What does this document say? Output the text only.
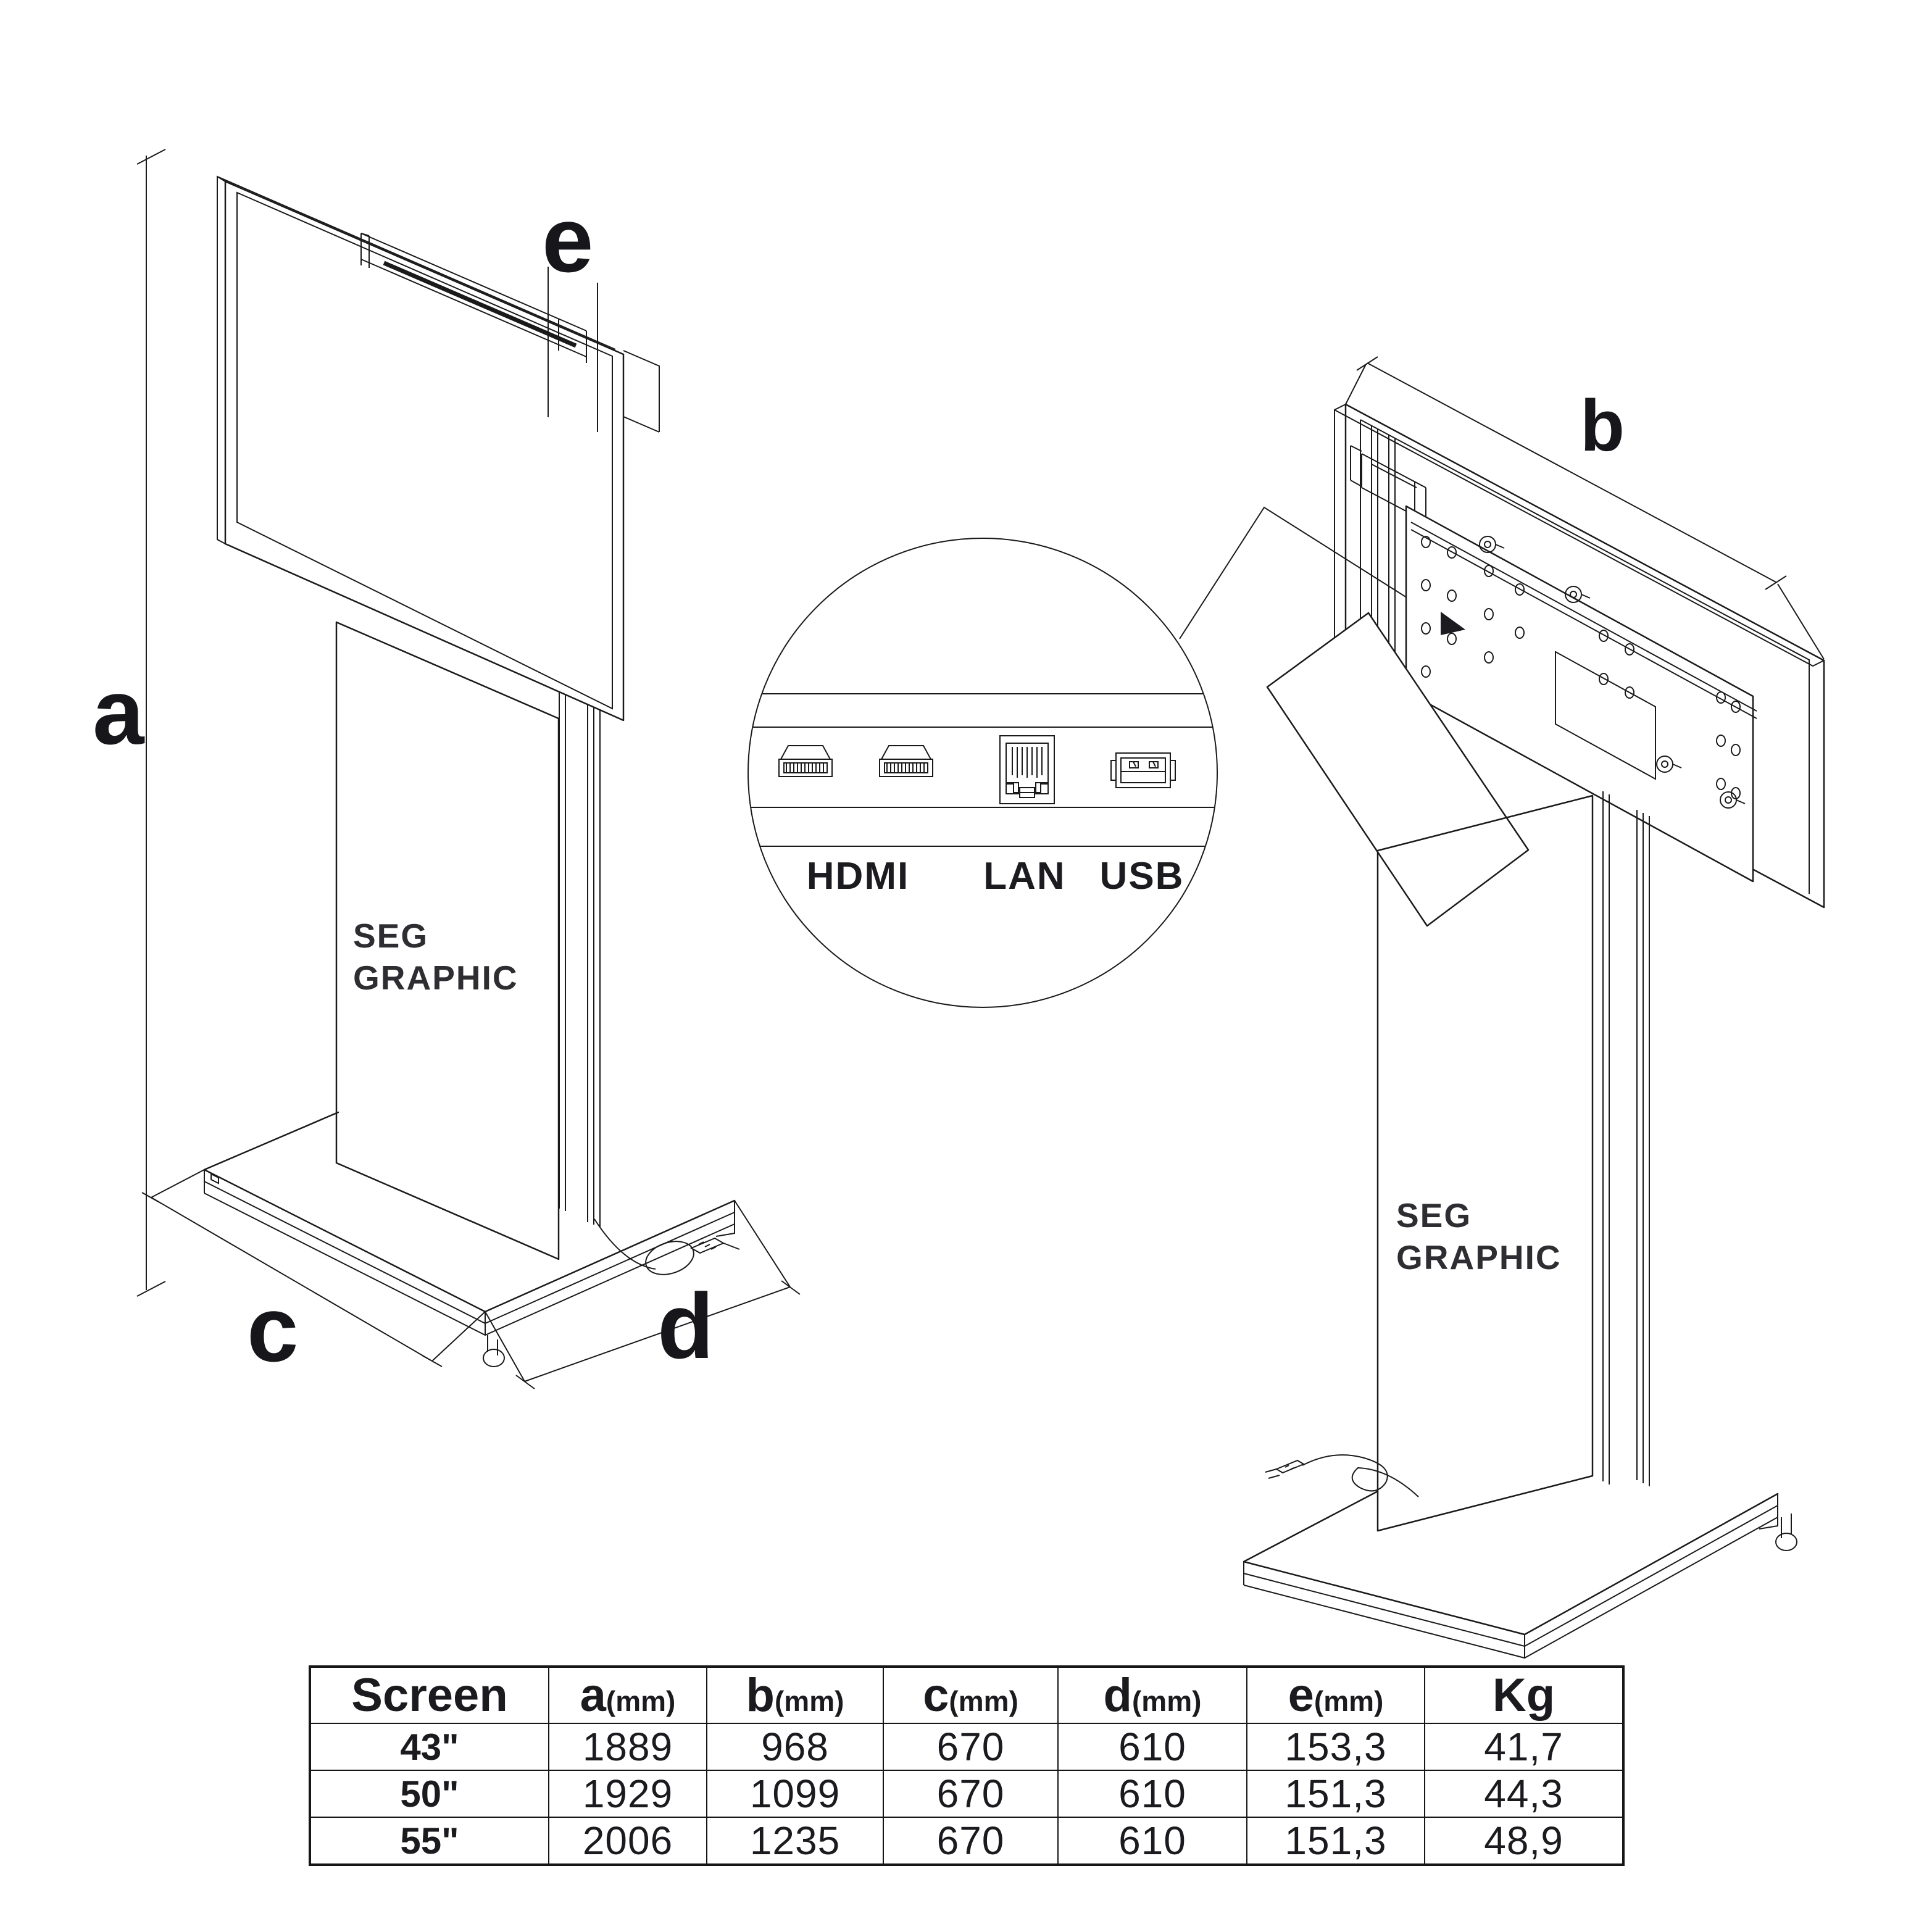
SEG
GRAPHIC
a
e
c	d
HDMI LAN USB
SEG
GRAPHIC
b
Screen	a(mm)	b(mm)	c(mm)	d(mm)	e(mm)	Kg
43"	1889	968	670	610	153,3	41,7
50"	1929	1099	670	610	151,3	44,3
55"	2006	1235	670	610	151,3	48,9
